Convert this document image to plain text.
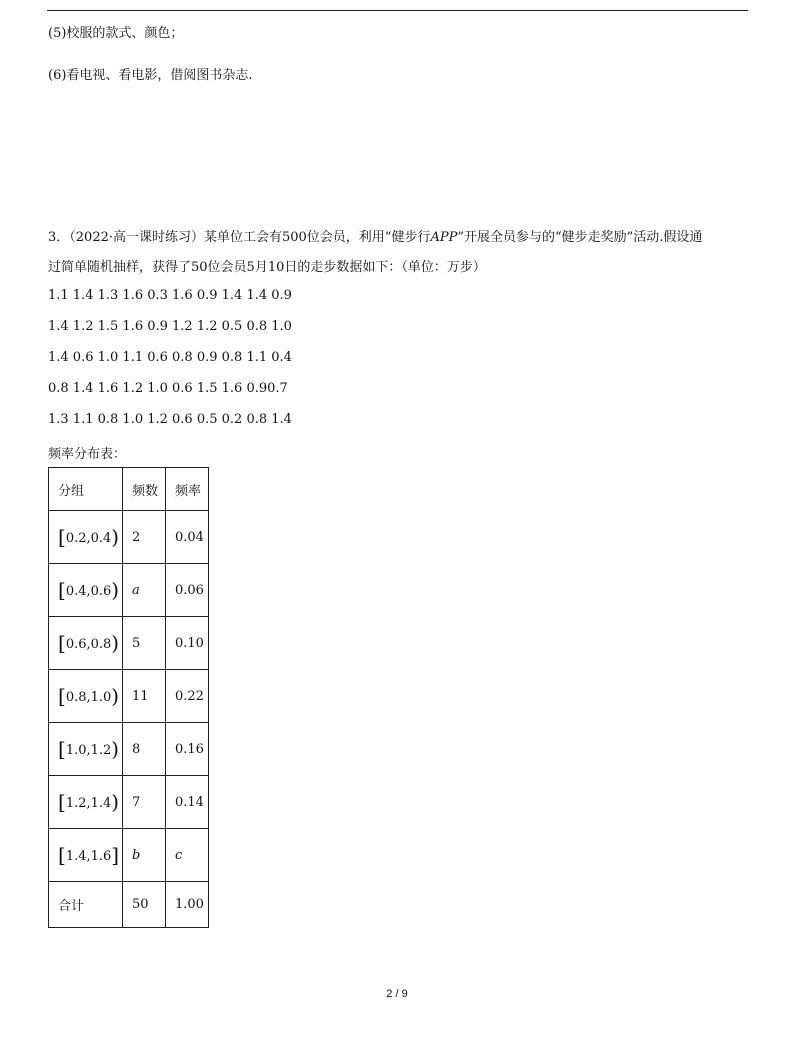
(5)校服的款式、颜色；
(6)看电视、看电影，借阅图书杂志.
3．（2022·高一课时练习）某单位工会有500位会员，利用“健步行APP”开展全员参与的“健步走奖励”活动.假设通
过简单随机抽样，获得了50位会员5月10日的走步数据如下：（单位：万步）
1.1 1.4 1.3 1.6 0.3 1.6 0.9 1.4 1.4 0.9
1.4 1.2 1.5 1.6 0.9 1.2 1.2 0.5 0.8 1.0
1.4 0.6 1.0 1.1 0.6 0.8 0.9 0.8 1.1 0.4
0.8 1.4 1.6 1.2 1.0 0.6 1.5 1.6 0.90.7
1.3 1.1 0.8 1.0 1.2 0.6 0.5 0.2 0.8 1.4
频率分布表：
分组	频数	频率
[0.2,0.4)	2	0.04
[0.4,0.6)	a	0.06
[0.6,0.8)	5	0.10
[0.8,1.0)	11	0.22
[1.0,1.2)	8	0.16
[1.2,1.4)	7	0.14
[1.4,1.6]	b	c
合计	50	1.00
2 / 9
